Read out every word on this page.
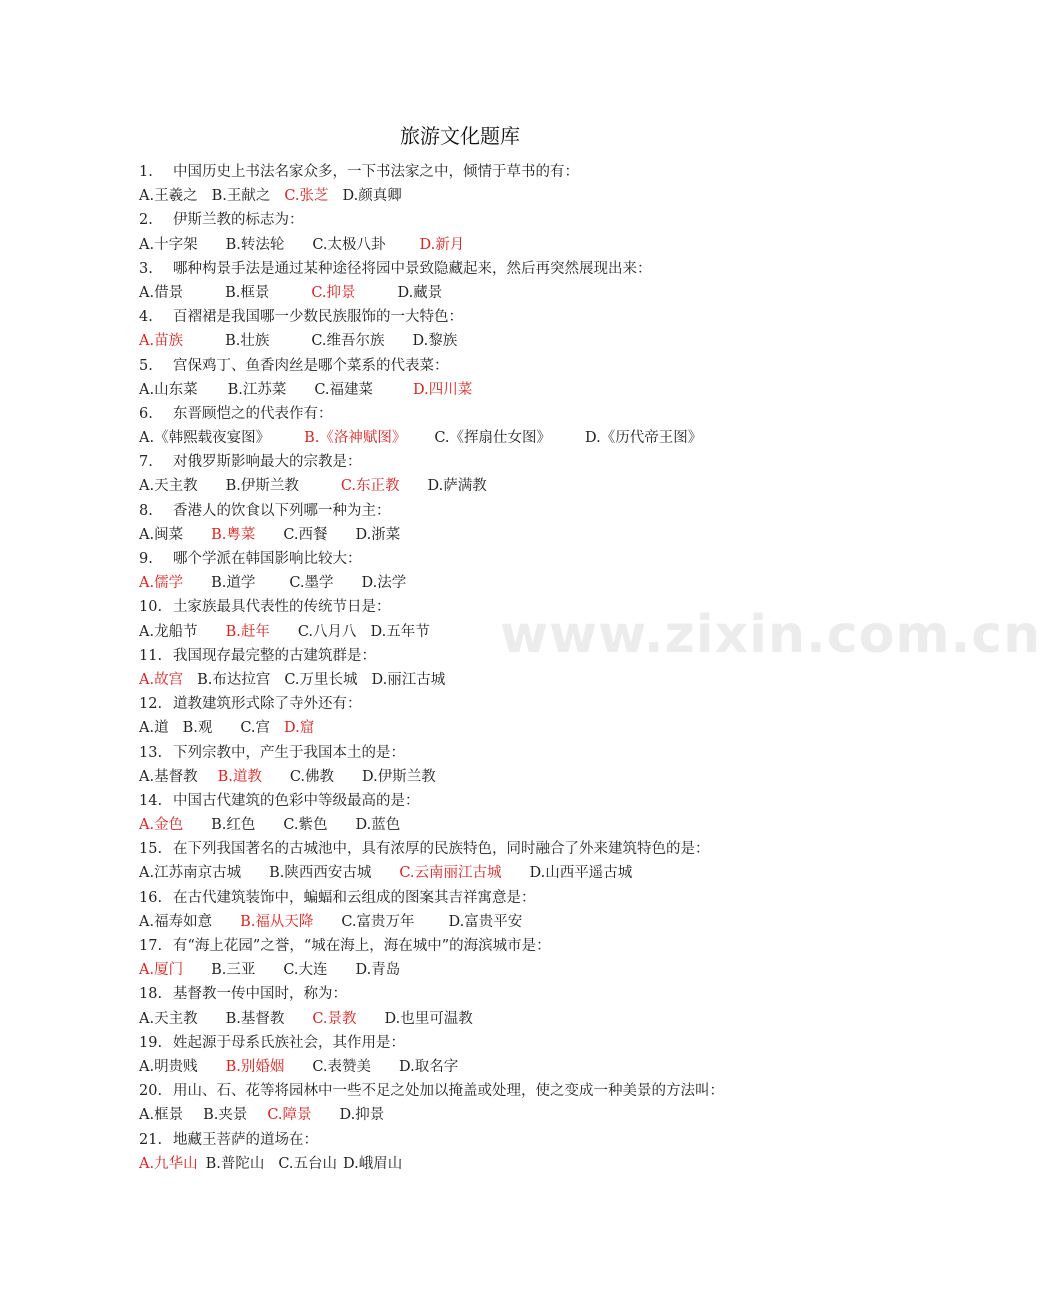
旅游文化题库
1. 中国历史上书法名家众多，一下书法家之中，倾情于草书的有：
A.王羲之 B.王献之 C.张芝 D.颜真卿
2. 伊斯兰教的标志为：
A.十字架 B.转法轮 C.太极八卦 D.新月
3. 哪种构景手法是通过某种途径将园中景致隐藏起来，然后再突然展现出来：
A.借景	B.框景	C.抑景	D.藏景
4. 百褶裙是我国哪一少数民族服饰的一大特色：
A.苗族	B.壮族	C.维吾尔族 D.黎族
5. 宫保鸡丁、鱼香肉丝是哪个菜系的代表菜：
A.山东菜 B.江苏菜 C.福建菜	D.四川菜
6. 东晋顾恺之的代表作有：
A.《韩熙载夜宴图》 B.《洛神赋图》 C.《挥扇仕女图》 D.《历代帝王图》
7. 对俄罗斯影响最大的宗教是：
A.天主教 B.伊斯兰教	C.东正教 D.萨满教
8. 香港人的饮食以下列哪一种为主：
A.闽菜 B.粤菜 C.西餐 D.浙菜
9. 哪个学派在韩国影响比较大：
A.儒学 B.道学 C.墨学 D.法学
10. 土家族最具代表性的传统节日是：
A.龙船节 B.赶年 C.八月八 D.五年节
11. 我国现存最完整的古建筑群是：
A.故宫 B.布达拉宫 C.万里长城 D.丽江古城
12. 道教建筑形式除了寺外还有：
A.道 B.观 C.宫 D.窟
13. 下列宗教中，产生于我国本土的是：
A.基督教 B.道教 C.佛教 D.伊斯兰教
14. 中国古代建筑的色彩中等级最高的是：
A.金色 B.红色 C.紫色 D.蓝色
15. 在下列我国著名的古城池中，具有浓厚的民族特色，同时融合了外来建筑特色的是：
A.江苏南京古城 B.陕西西安古城 C.云南丽江古城 D.山西平遥古城
16. 在古代建筑装饰中，蝙蝠和云组成的图案其吉祥寓意是：
A.福寿如意 B.福从天降 C.富贵万年 D.富贵平安
17. 有“海上花园”之誉，“城在海上，海在城中”的海滨城市是：
A.厦门 B.三亚 C.大连 D.青岛
18. 基督教一传中国时，称为：
A.天主教 B.基督教 C.景教 D.也里可温教
19. 姓起源于母系氏族社会，其作用是：
A.明贵贱 B.别婚姻 C.表赞美 D.取名字
20. 用山、石、花等将园林中一些不足之处加以掩盖或处理，使之变成一种美景的方法叫：
A.框景 B.夹景 C.障景 D.抑景
21. 地藏王菩萨的道场在：
A.九华山 B.普陀山 C.五台山 D.峨眉山
www.zixin.com.cn
